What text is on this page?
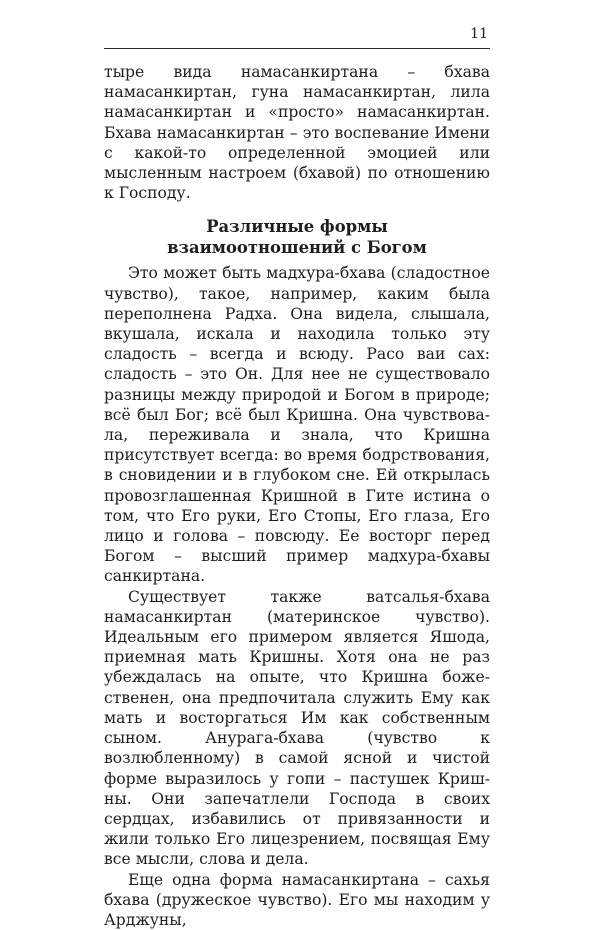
11

тыре вида намасанкиртана – бхава намасанкиртан, гуна намасанкиртан, лила намасанкиртан и «просто» намасанкиртан. Бхава намасанкиртан – это воспевание Имени с какой-то определенной эмоцией или мысленным настроем (бхавой) по отношению к Господу.

Различные формы
взаимоотношений с Богом

Это может быть мадхура-бхава (сладостное чувство), такое, например, каким была переполнена Радха. Она видела, слышала, вкушала, искала и находила только эту сладость – всегда и всюду. Расо ваи сах: сладость – это Он. Для нее не существовало разницы между природой и Богом в природе; всё был Бог; всё был Кришна. Она чувствовала, переживала и знала, что Кришна присутствует всегда: во время бодрствования, в сновидении и в глубоком сне. Ей открылась провозглашенная Кришной в Гите истина о том, что Его руки, Его Стопы, Его глаза, Его лицо и голова – повсюду. Ее восторг перед Богом – высший пример мадхура-бхавы санкиртана.

Существует также ватсалья-бхава намасанкиртан (материнское чувство). Идеальным его примером является Яшода, приемная мать Кришны. Хотя она не раз убеждалась на опыте, что Кришна божественен, она предпочитала служить Ему как мать и восторгаться Им как собственным сыном. Анурага-бхава (чувство к возлюбленному) в самой ясной и чистой форме выразилось у гопи – пастушек Кришны. Они запечатлели Господа в своих сердцах, избавились от привязанности и жили только Его лицезрением, посвящая Ему все мысли, слова и дела.

Еще одна форма намасанкиртана – сахья бхава (дружеское чувство). Его мы находим у Арджуны,
